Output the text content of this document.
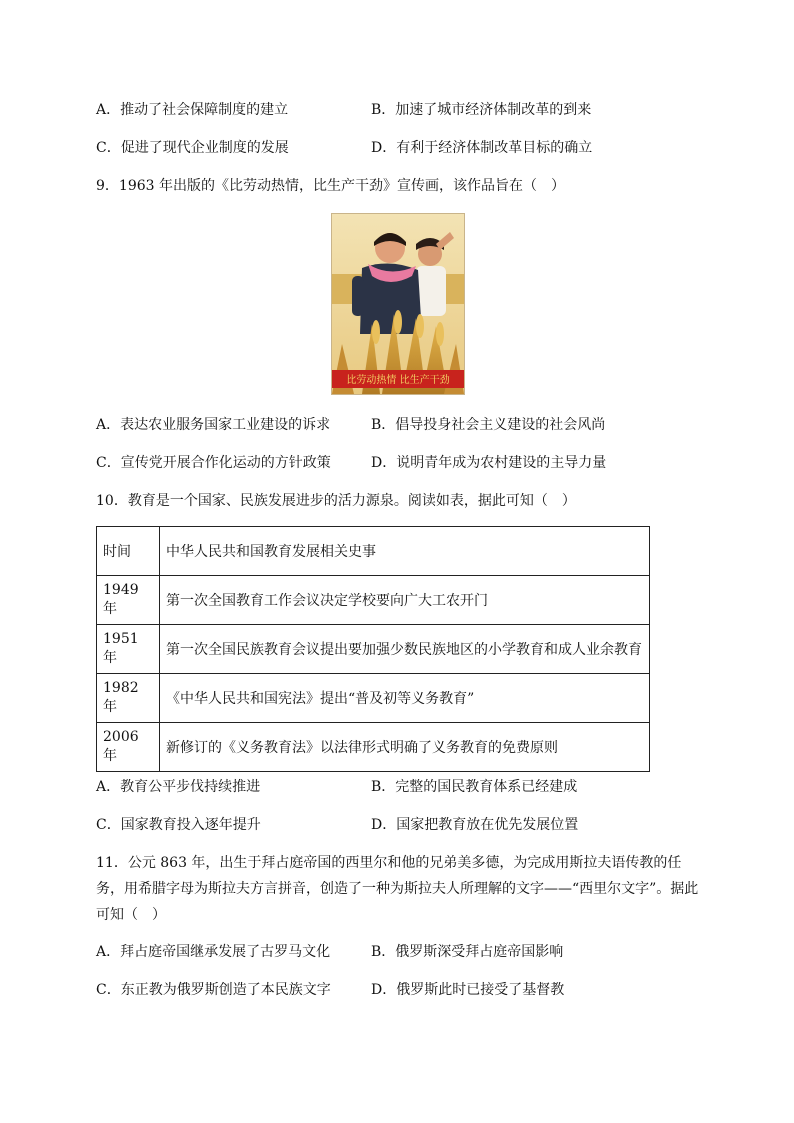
A．推动了社会保障制度的建立	B．加速了城市经济体制改革的到来
C．促进了现代企业制度的发展	D．有利于经济体制改革目标的确立
9．1963 年出版的《比劳动热情，比生产干劲》宣传画，该作品旨在（　）
比劳动热情 比生产干劲
A．表达农业服务国家工业建设的诉求	B．倡导投身社会主义建设的社会风尚
C．宣传党开展合作化运动的方针政策	D．说明青年成为农村建设的主导力量
10．教育是一个国家、民族发展进步的活力源泉。阅读如表，据此可知（　）
时间	中华人民共和国教育发展相关史事
1949 年	第一次全国教育工作会议决定学校要向广大工农开门
1951 年	第一次全国民族教育会议提出要加强少数民族地区的小学教育和成人业余教育
1982 年	《中华人民共和国宪法》提出“普及初等义务教育”
2006 年	新修订的《义务教育法》以法律形式明确了义务教育的免费原则
A．教育公平步伐持续推进	B．完整的国民教育体系已经建成
C．国家教育投入逐年提升	D．国家把教育放在优先发展位置
11．公元 863 年，出生于拜占庭帝国的西里尔和他的兄弟美多德，为完成用斯拉夫语传教的任
务，用希腊字母为斯拉夫方言拼音，创造了一种为斯拉夫人所理解的文字——“西里尔文字”。据此
可知（　）
A．拜占庭帝国继承发展了古罗马文化	B．俄罗斯深受拜占庭帝国影响
C．东正教为俄罗斯创造了本民族文字	D．俄罗斯此时已接受了基督教
